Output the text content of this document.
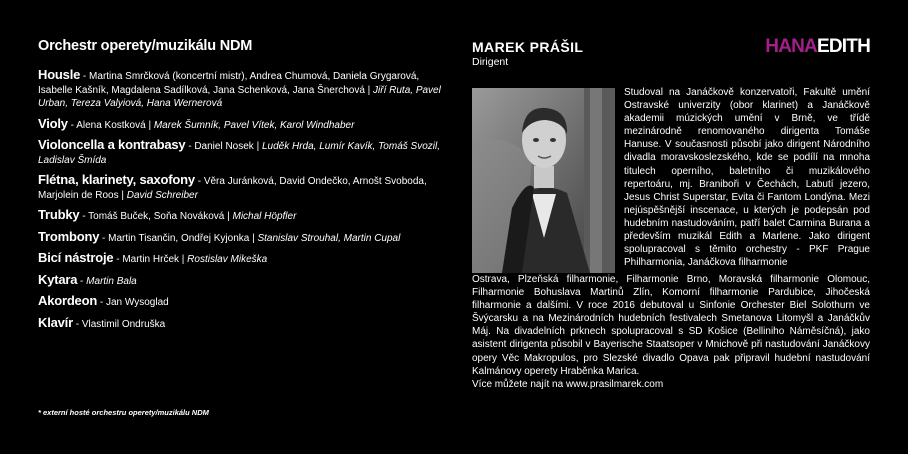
Orchestr operety/muzikálu NDM

Housle - Martina Smrčková (koncertní mistr), Andrea Chumová, Daniela Grygarová, Isabelle Kašník, Magdalena Sadílková, Jana Schenková, Jana Šnerchová | Jiří Ruta, Pavel Urban, Tereza Valyiová, Hana Wernerová
Violy - Alena Kostková | Marek Šumník, Pavel Vítek, Karol Windhaber
Violoncella a kontrabasy - Daniel Nosek | Luděk Hrda, Lumír Kavík, Tomáš Svozil, Ladislav Šmída
Flétna, klarinety, saxofony - Věra Juránková, David Ondečko, Arnošt Svoboda, Marjolein de Roos | David Schreiber
Trubky - Tomáš Buček, Soňa Nováková | Michal Höpfler
Trombony - Martin Tisančin, Ondřej Kyjonka | Stanislav Strouhal, Martin Cupal
Bicí nástroje - Martin Hrček | Rostislav Mikeška
Kytara - Martin Bala
Akordeon - Jan Wysoglad
Klavír - Vlastimil Ondruška
* externí hosté orchestru operety/muzikálu NDM

MAREK PRÁŠIL

Dirigent

HANAEDITH
Studoval na Janáčkově konzervatoři, Fakultě umění Ostravské univerzity (obor klarinet) a Janáčkově akademii múzických umění v Brně, ve třídě mezinárodně renomovaného dirigenta Tomáše Hanuse. V současnosti působí jako dirigent Národního divadla moravskoslezského, kde se podílí na mnoha titulech operního, baletního či muzikálového repertoáru, mj. Braniboři v Čechách, Labutí jezero, Jesus Christ Superstar, Evita či Fantom Londýna. Mezi nejúspěšnější inscenace, u kterých je podepsán pod hudebním nastudováním, patří balet Carmina Burana a především muzikál Edith a Marlene. Jako dirigent spolupracoval s těmito orchestry - PKF Prague Philharmonia, Janáčkova filharmonie
Ostrava, Plzeňská filharmonie, Filharmonie Brno, Moravská filharmonie Olomouc, Filharmonie Bohuslava Martinů Zlín, Komorní filharmonie Pardubice, Jihočeská filharmonie a dalšími. V roce 2016 debutoval u Sinfonie Orchester Biel Solothurn ve Švýcarsku a na Mezinárodních hudebních festivalech Smetanova Litomyšl a Janáčkův Máj. Na divadelních prknech spolupracoval s SD Košice (Belliniho Náměsíčná), jako asistent dirigenta působil v Bayerische Staatsoper v Mnichově při nastudování Janáčkovy opery Věc Makropulos, pro Slezské divadlo Opava pak připravil hudební nastudování Kalmánovy operety Hraběnka Marica.
Více můžete najít na www.prasilmarek.com
